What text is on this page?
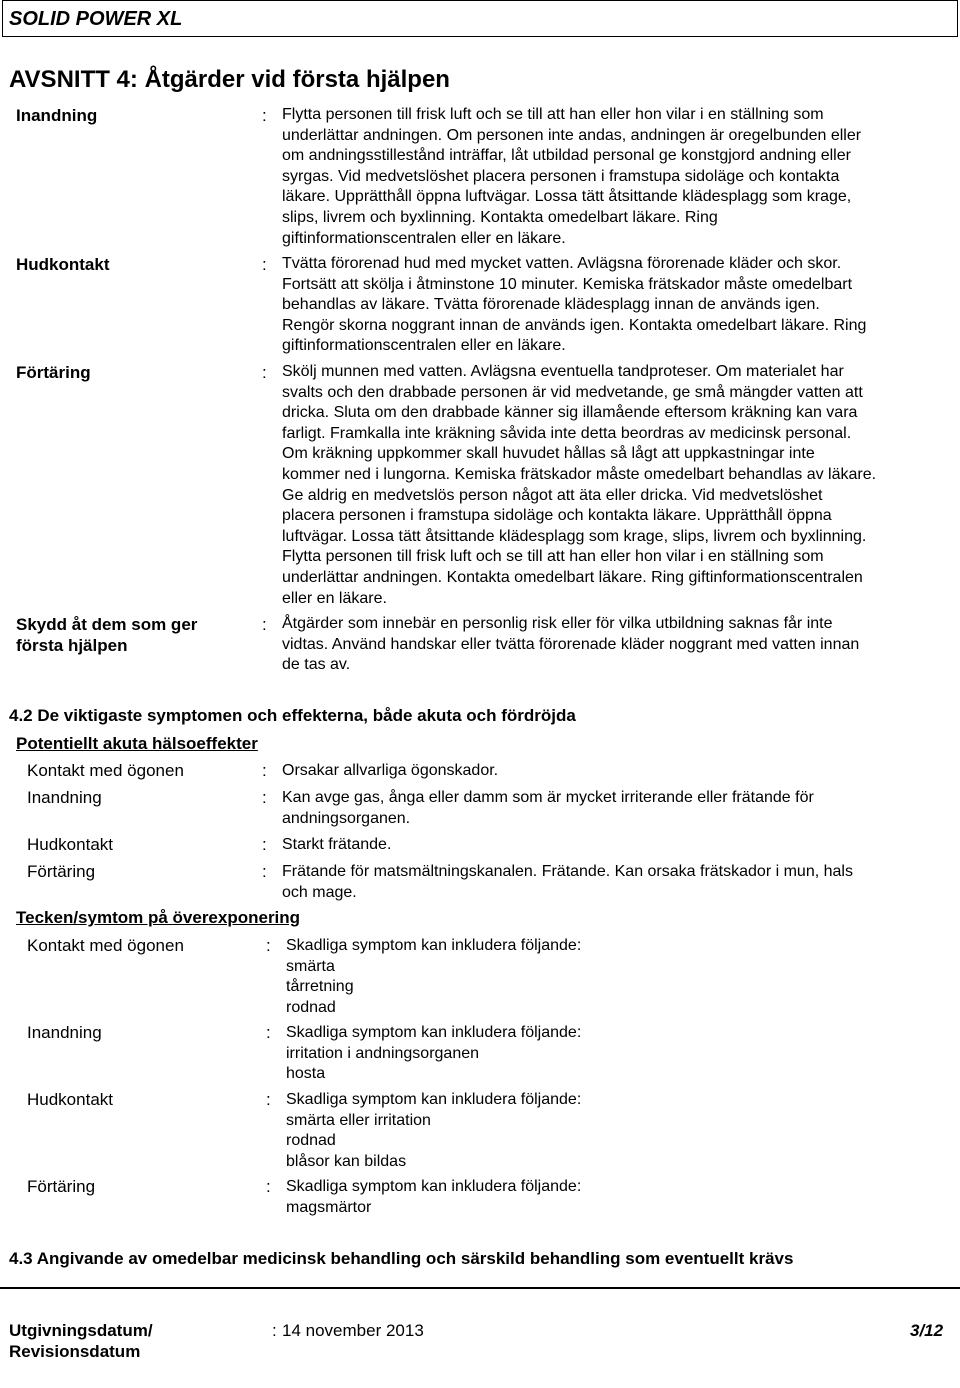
SOLID POWER XL
AVSNITT 4: Åtgärder vid första hjälpen
Inandning	: Flytta personen till frisk luft och se till att han eller hon vilar i en ställning som
underlättar andningen. Om personen inte andas, andningen är oregelbunden eller
om andningsstillestånd inträffar, låt utbildad personal ge konstgjord andning eller
syrgas. Vid medvetslöshet placera personen i framstupa sidoläge och kontakta
läkare. Upprätthåll öppna luftvägar. Lossa tätt åtsittande klädesplagg som krage,
slips, livrem och byxlinning. Kontakta omedelbart läkare. Ring
giftinformationscentralen eller en läkare.
Hudkontakt	: Tvätta förorenad hud med mycket vatten. Avlägsna förorenade kläder och skor.
Fortsätt att skölja i åtminstone 10 minuter. Kemiska frätskador måste omedelbart
behandlas av läkare. Tvätta förorenade klädesplagg innan de används igen.
Rengör skorna noggrant innan de används igen. Kontakta omedelbart läkare. Ring
giftinformationscentralen eller en läkare.
Förtäring	: Skölj munnen med vatten. Avlägsna eventuella tandproteser. Om materialet har
svalts och den drabbade personen är vid medvetande, ge små mängder vatten att
dricka. Sluta om den drabbade känner sig illamående eftersom kräkning kan vara
farligt. Framkalla inte kräkning såvida inte detta beordras av medicinsk personal.
Om kräkning uppkommer skall huvudet hållas så lågt att uppkastningar inte
kommer ned i lungorna. Kemiska frätskador måste omedelbart behandlas av läkare.
Ge aldrig en medvetslös person något att äta eller dricka. Vid medvetslöshet
placera personen i framstupa sidoläge och kontakta läkare. Upprätthåll öppna
luftvägar. Lossa tätt åtsittande klädesplagg som krage, slips, livrem och byxlinning.
Flytta personen till frisk luft och se till att han eller hon vilar i en ställning som
underlättar andningen. Kontakta omedelbart läkare. Ring giftinformationscentralen
eller en läkare.
Skydd åt dem som ger
första hjälpen
: Åtgärder som innebär en personlig risk eller för vilka utbildning saknas får inte
vidtas. Använd handskar eller tvätta förorenade kläder noggrant med vatten innan
de tas av.
4.2 De viktigaste symptomen och effekterna, både akuta och fördröjda
Potentiellt akuta hälsoeffekter
Kontakt med ögonen	: Orsakar allvarliga ögonskador.
Inandning	: Kan avge gas, ånga eller damm som är mycket irriterande eller frätande för
andningsorganen.
Hudkontakt	: Starkt frätande.
Förtäring	: Frätande för matsmältningskanalen. Frätande. Kan orsaka frätskador i mun, hals
och mage.
Tecken/symtom på överexponering
Kontakt med ögonen	: Skadliga symptom kan inkludera följande:
smärta
tårretning
rodnad
Inandning	: Skadliga symptom kan inkludera följande:
irritation i andningsorganen
hosta
Hudkontakt	: Skadliga symptom kan inkludera följande:
smärta eller irritation
rodnad
blåsor kan bildas
Förtäring	: Skadliga symptom kan inkludera följande:
magsmärtor
4.3 Angivande av omedelbar medicinsk behandling och särskild behandling som eventuellt krävs
Utgivningsdatum/
Revisionsdatum
: 14 november 2013	3/12
